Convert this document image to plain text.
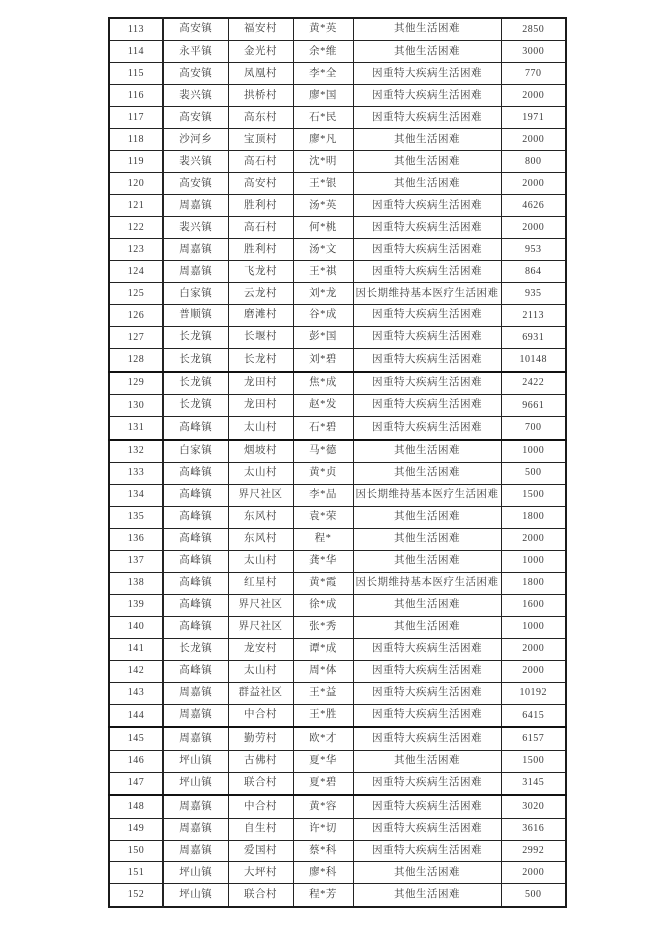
113	高安镇	福安村	黄*英	其他生活困难	2850
114	永平镇	金光村	余*维	其他生活困难	3000
115	高安镇	凤凰村	李*全	因重特大疾病生活困难	770
116	裴兴镇	拱桥村	廖*国	因重特大疾病生活困难	2000
117	高安镇	高东村	石*民	因重特大疾病生活困难	1971
118	沙河乡	宝顶村	廖*凡	其他生活困难	2000
119	裴兴镇	高石村	沈*明	其他生活困难	800
120	高安镇	高安村	王*银	其他生活困难	2000
121	周嘉镇	胜利村	汤*英	因重特大疾病生活困难	4626
122	裴兴镇	高石村	何*桃	因重特大疾病生活困难	2000
123	周嘉镇	胜利村	汤*文	因重特大疾病生活困难	953
124	周嘉镇	飞龙村	王*祺	因重特大疾病生活困难	864
125	白家镇	云龙村	刘*龙	因长期维持基本医疗生活困难	935
126	普顺镇	磨滩村	谷*成	因重特大疾病生活困难	2113
127	长龙镇	长堰村	彭*国	因重特大疾病生活困难	6931
128	长龙镇	长龙村	刘*碧	因重特大疾病生活困难	10148
129	长龙镇	龙田村	焦*成	因重特大疾病生活困难	2422
130	长龙镇	龙田村	赵*发	因重特大疾病生活困难	9661
131	高峰镇	太山村	石*碧	因重特大疾病生活困难	700
132	白家镇	烟坡村	马*德	其他生活困难	1000
133	高峰镇	太山村	黄*贞	其他生活困难	500
134	高峰镇	界尺社区	李*品	因长期维持基本医疗生活困难	1500
135	高峰镇	东风村	袁*荣	其他生活困难	1800
136	高峰镇	东风村	程*	其他生活困难	2000
137	高峰镇	太山村	龚*华	其他生活困难	1000
138	高峰镇	红星村	黄*霞	因长期维持基本医疗生活困难	1800
139	高峰镇	界尺社区	徐*成	其他生活困难	1600
140	高峰镇	界尺社区	张*秀	其他生活困难	1000
141	长龙镇	龙安村	谭*成	因重特大疾病生活困难	2000
142	高峰镇	太山村	周*体	因重特大疾病生活困难	2000
143	周嘉镇	群益社区	王*益	因重特大疾病生活困难	10192
144	周嘉镇	中合村	王*胜	因重特大疾病生活困难	6415
145	周嘉镇	勤劳村	欧*才	因重特大疾病生活困难	6157
146	坪山镇	古佛村	夏*华	其他生活困难	1500
147	坪山镇	联合村	夏*碧	因重特大疾病生活困难	3145
148	周嘉镇	中合村	黄*容	因重特大疾病生活困难	3020
149	周嘉镇	自生村	许*切	因重特大疾病生活困难	3616
150	周嘉镇	爱国村	蔡*科	因重特大疾病生活困难	2992
151	坪山镇	大坪村	廖*科	其他生活困难	2000
152	坪山镇	联合村	程*芳	其他生活困难	500
